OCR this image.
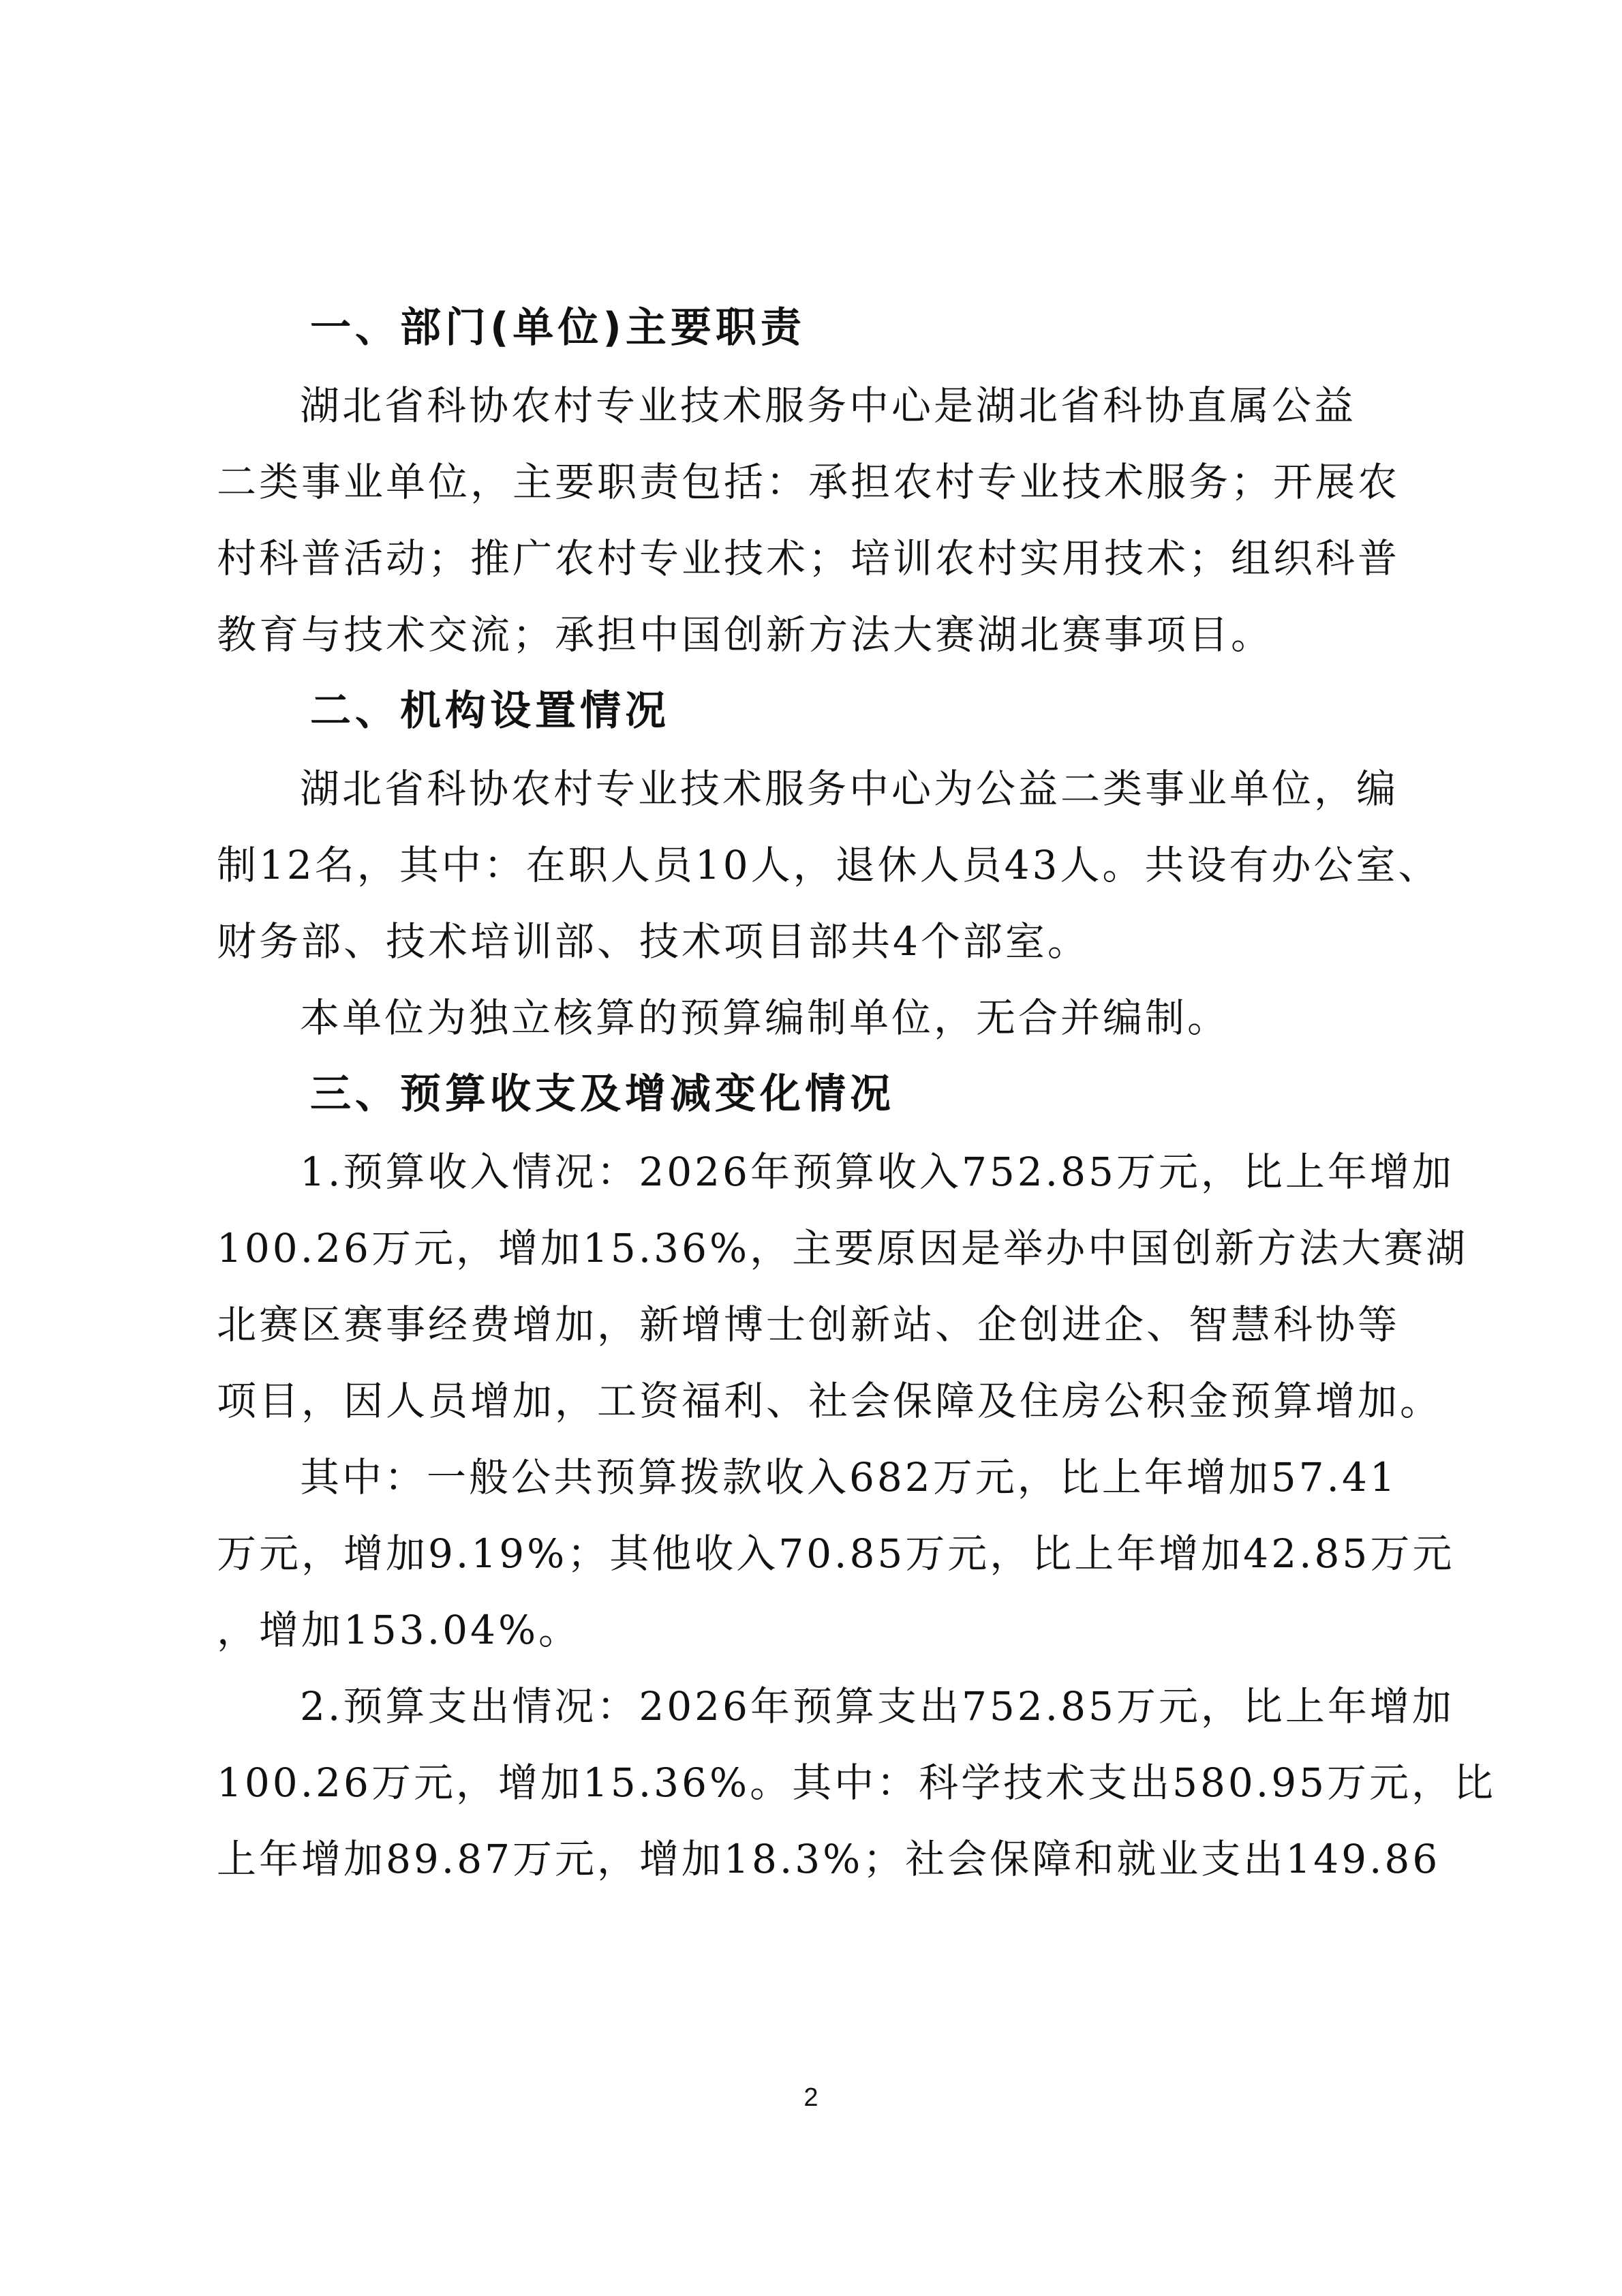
一、部门(单位)主要职责
湖北省科协农村专业技术服务中心是湖北省科协直属公益
二类事业单位，主要职责包括：承担农村专业技术服务；开展农
村科普活动；推广农村专业技术；培训农村实用技术；组织科普
教育与技术交流；承担中国创新方法大赛湖北赛事项目。
二、机构设置情况
湖北省科协农村专业技术服务中心为公益二类事业单位，编
制12名，其中：在职人员10人，退休人员43人。共设有办公室、
财务部、技术培训部、技术项目部共4个部室。
本单位为独立核算的预算编制单位，无合并编制。
三、预算收支及增减变化情况
1.预算收入情况：2026年预算收入752.85万元，比上年增加
100.26万元，增加15.36%，主要原因是举办中国创新方法大赛湖
北赛区赛事经费增加，新增博士创新站、企创进企、智慧科协等
项目，因人员增加，工资福利、社会保障及住房公积金预算增加。
其中：一般公共预算拨款收入682万元，比上年增加57.41
万元，增加9.19%；其他收入70.85万元，比上年增加42.85万元
，增加153.04%。
2.预算支出情况：2026年预算支出752.85万元，比上年增加
100.26万元，增加15.36%。其中：科学技术支出580.95万元，比
上年增加89.87万元，增加18.3%；社会保障和就业支出149.86
2
